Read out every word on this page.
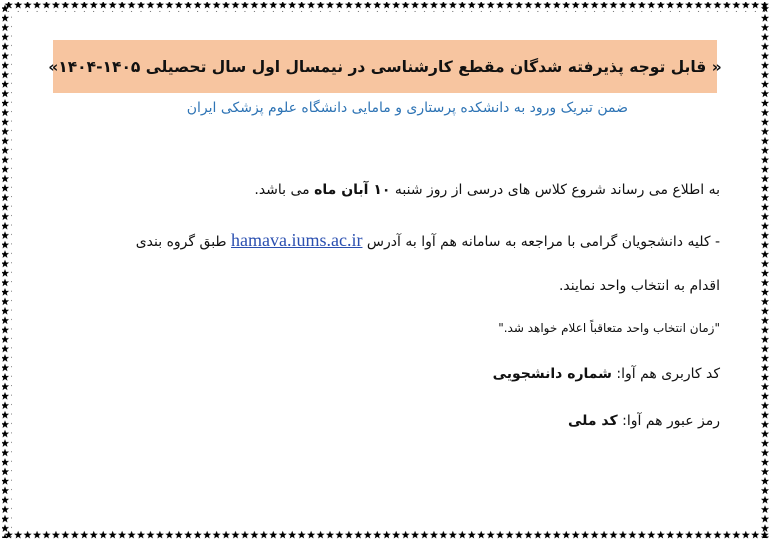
« قابل توجه پذیرفته شدگان مقطع کارشناسی در نیمسال اول سال تحصیلی ۱۴۰۵-۱۴۰۴»
ضمن تبریک ورود به دانشکده پرستاری و مامایی دانشگاه علوم پزشکی ایران
به اطلاع می رساند شروع کلاس های درسی از روز شنبه ۱۰ آبان ماه می باشد.
- کلیه دانشجویان گرامی با مراجعه به سامانه هم آوا به آدرس hamava.iums.ac.ir طبق گروه بندی
اقدام به انتخاب واحد نمایند.
"زمان انتخاب واحد متعاقباً اعلام خواهد شد."
کد کاربری هم آوا: شماره دانشجویی
رمز عبور هم آوا: کد ملی
